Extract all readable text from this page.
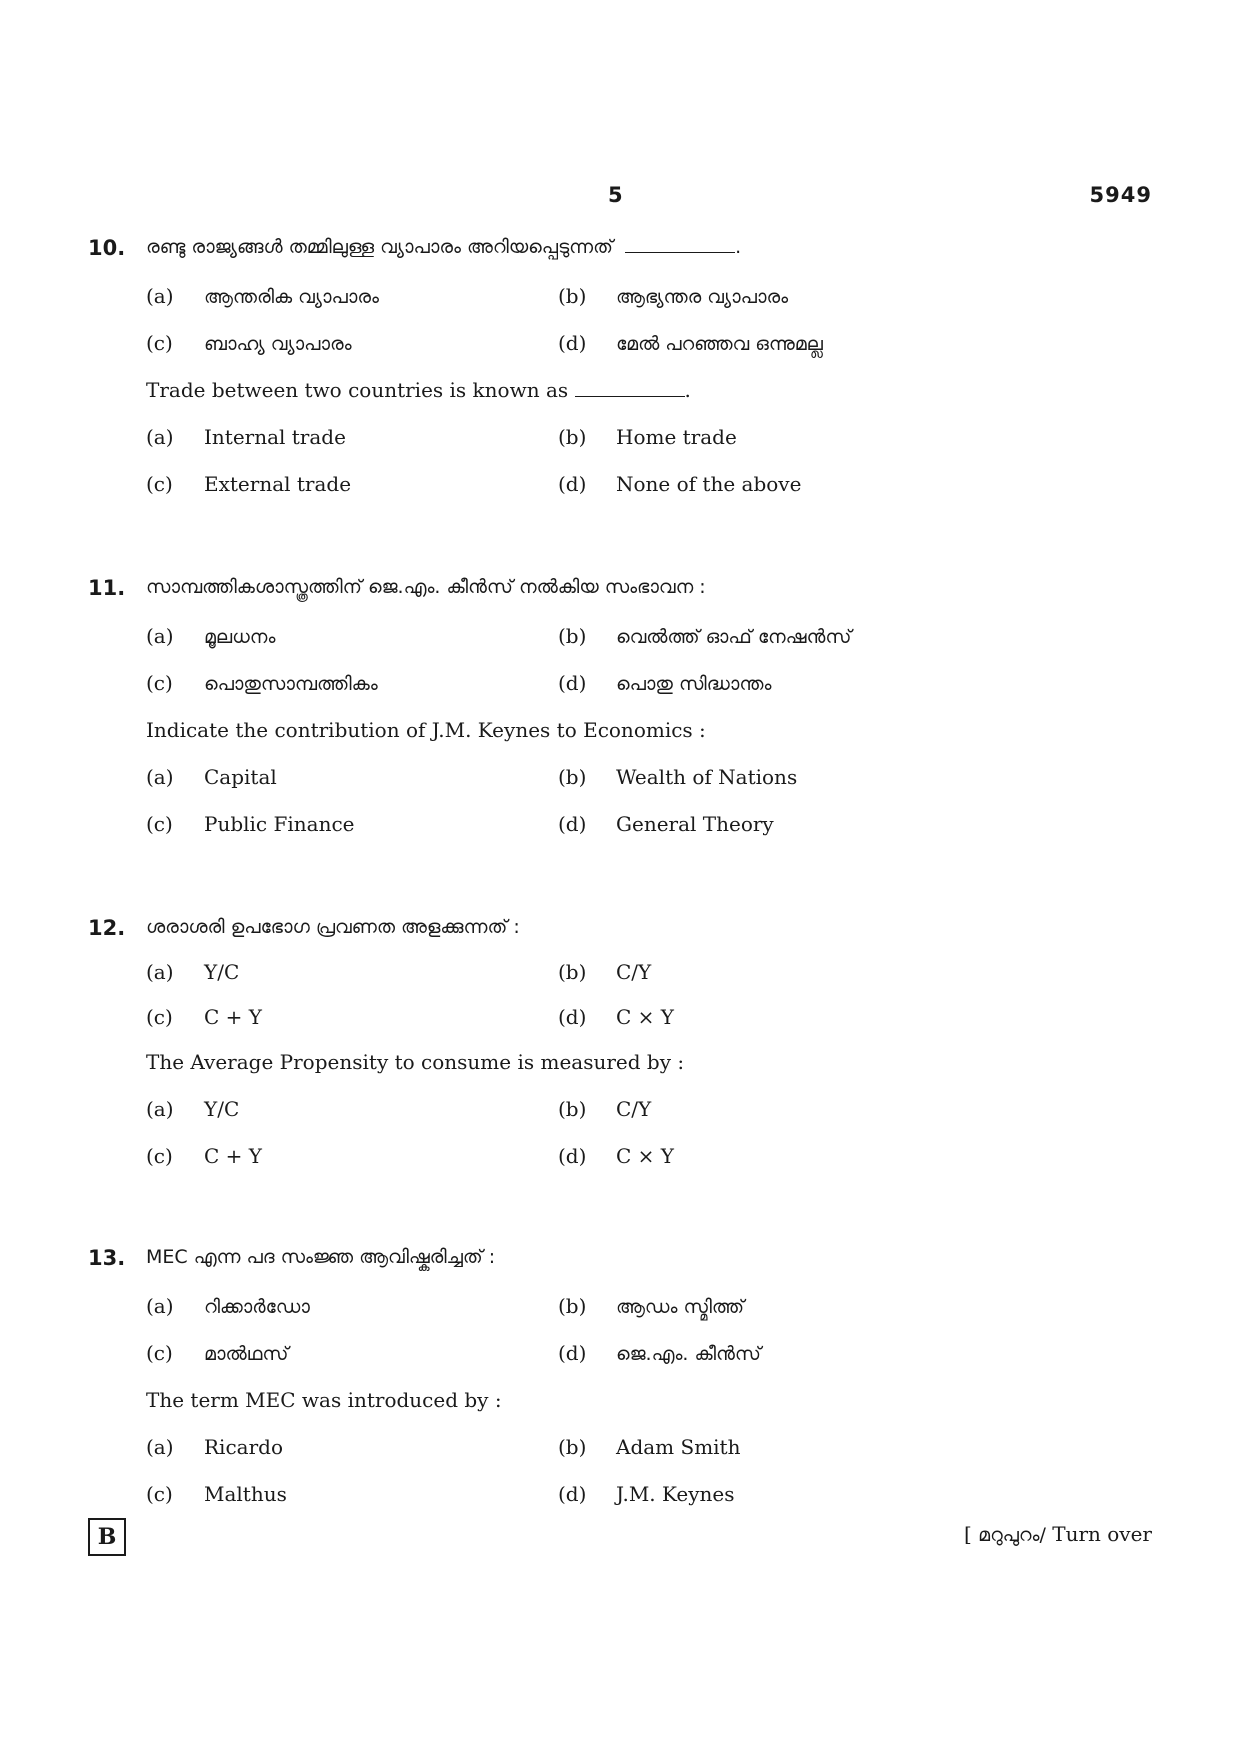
5	5949
10. രണ്ടു രാജ്യങ്ങൾ തമ്മിലുള്ള വ്യാപാരം അറിയപ്പെടുന്നത്	.
(a) ആന്തരിക വ്യാപാരം	(b) ആഭ്യന്തര വ്യാപാരം
(c) ബാഹ്യ വ്യാപാരം	(d) മേൽ പറഞ്ഞവ ഒന്നുമല്ല
Trade between two countries is known as	.
(a) Internal trade	(b) Home trade
(c) External trade	(d) None of the above
11. സാമ്പത്തികശാസ്ത്രത്തിന് ജെ.എം. കീൻസ് നൽകിയ സംഭാവന :
(a) മൂലധനം	(b) വെൽത്ത് ഓഫ് നേഷൻസ്
(c) പൊതുസാമ്പത്തികം	(d) പൊതു സിദ്ധാന്തം
Indicate the contribution of J.M. Keynes to Economics :
(a) Capital	(b) Wealth of Nations
(c) Public Finance	(d) General Theory
12. ശരാശരി ഉപഭോഗ പ്രവണത അളക്കുന്നത് :
(a) Y/C	(b) C/Y
(c) C + Y	(d) C × Y
The Average Propensity to consume is measured by :
(a) Y/C	(b) C/Y
(c) C + Y	(d) C × Y
13. MEC എന്ന പദ സംജ്ഞ ആവിഷ്കരിച്ചത് :
(a) റിക്കാർഡോ	(b) ആഡം സ്മിത്ത്
(c) മാൽഥസ്	(d) ജെ.എം. കീൻസ്
The term MEC was introduced by :
(a) Ricardo	(b) Adam Smith
(c) Malthus	(d) J.M. Keynes
B	[ മറുപുറം/ Turn over
